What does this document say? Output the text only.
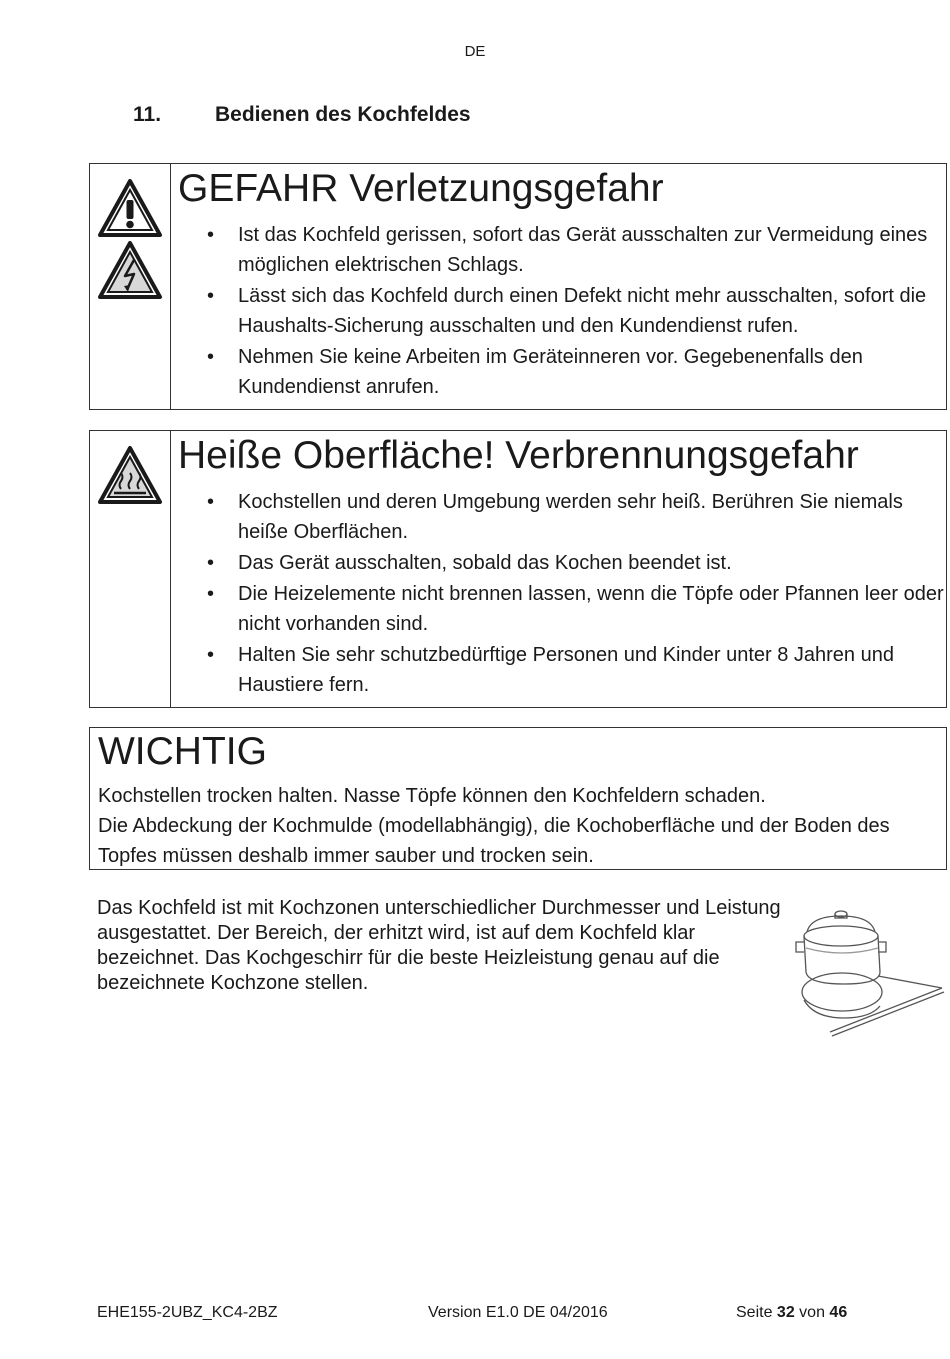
DE
11.	Bedienen des Kochfeldes
GEFAHR Verletzungsgefahr
• Ist das Kochfeld gerissen, sofort das Gerät ausschalten zur Vermeidung eines möglichen elektrischen Schlags.
• Lässt sich das Kochfeld durch einen Defekt nicht mehr ausschalten, sofort die Haushalts-Sicherung ausschalten und den Kundendienst rufen.
• Nehmen Sie keine Arbeiten im Geräteinneren vor. Gegebenenfalls den Kundendienst anrufen.
Heiße Oberfläche! Verbrennungsgefahr
• Kochstellen und deren Umgebung werden sehr heiß. Berühren Sie niemals heiße Oberflächen.
• Das Gerät ausschalten, sobald das Kochen beendet ist.
• Die Heizelemente nicht brennen lassen, wenn die Töpfe oder Pfannen leer oder nicht vorhanden sind.
• Halten Sie sehr schutzbedürftige Personen und Kinder unter 8 Jahren und Haustiere fern.
WICHTIG

Kochstellen trocken halten. Nasse Töpfe können den Kochfeldern schaden.

Die Abdeckung der Kochmulde (modellabhängig), die Kochoberfläche und der Boden des Topfes müssen deshalb immer sauber und trocken sein.

Das Kochfeld ist mit Kochzonen unterschiedlicher Durchmesser und Leistung ausgestattet. Der Bereich, der erhitzt wird, ist auf dem Kochfeld klar bezeichnet. Das Kochgeschirr für die beste Heizleistung genau auf die bezeichnete Kochzone stellen.

EHE155-2UBZ_KC4-2BZ	Version E1.0 DE 04/2016	Seite 32 von 46
